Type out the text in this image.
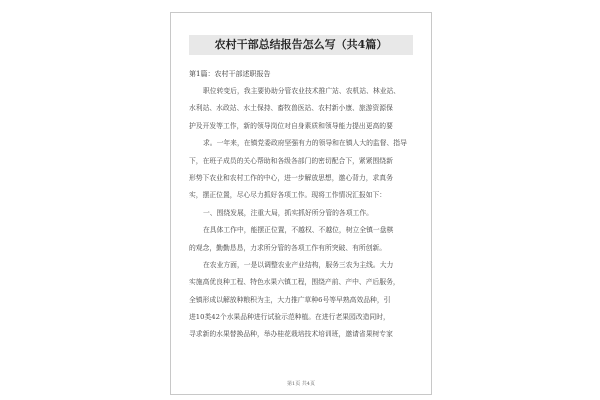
农村干部总结报告怎么写（共4篇）
第1篇：农村干部述职报告
职位转变后，我主要协助分管农业技术推广站、农机站、林业站、
水利站、水政站、水土保持、畜牧兽医站、农村新小康、旅游资源保
护及开发等工作，新的领导岗位对自身素质和领导能力提出更高的要
求。一年来，在镇党委政府坚强有力的领导和在镇人大的监督、指导
下，在班子成员的关心帮助和各级各部门的密切配合下，紧紧围绕新
形势下农业和农村工作的中心，进一步解放思想，邀心背力，求真务
实，摆正位置，尽心尽力抓好各项工作。现将工作情况汇报如下：
一、围绕发展，注重大局，抓实抓好所分管的各项工作。
在具体工作中，能摆正位置，不越权、不越位，树立全镇一盘棋
的观念，勤勤恳恳，力求所分管的各项工作有所突破、有所创新。
在农业方面，一是以调整农业产业结构，服务三农为主线。大力
实施高优良种工程、特色水果六镇工程，围绕产前、产中、产后服务，
全镇形成以解放种粮积为主，大力推广草种6号等早熟高效品种，引
进10类42个水果品种进行试验示范种植。在进行老果园改造同时，
寻求新的水果替换品种，举办桂花栽培技术培训班，邀请省果树专家
第1页 共4页
